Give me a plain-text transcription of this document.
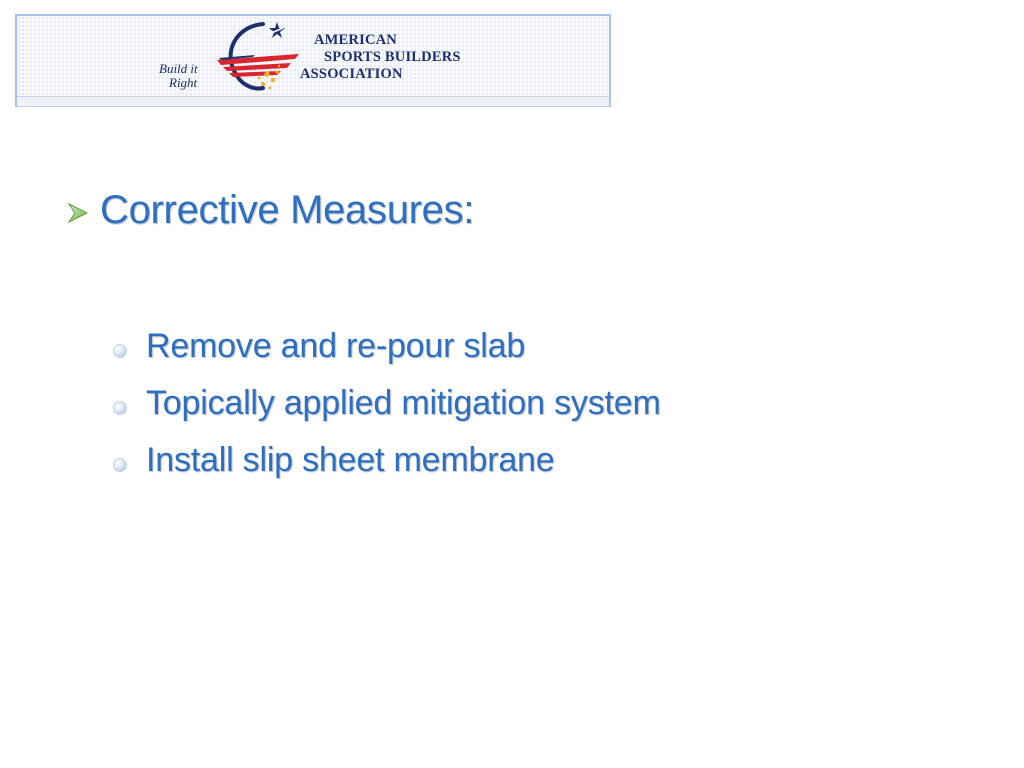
Build it
Right
AMERICAN
SPORTS BUILDERS
ASSOCIATION
Corrective Measures:
Remove and re-pour slab
Topically applied mitigation system
Install slip sheet membrane
